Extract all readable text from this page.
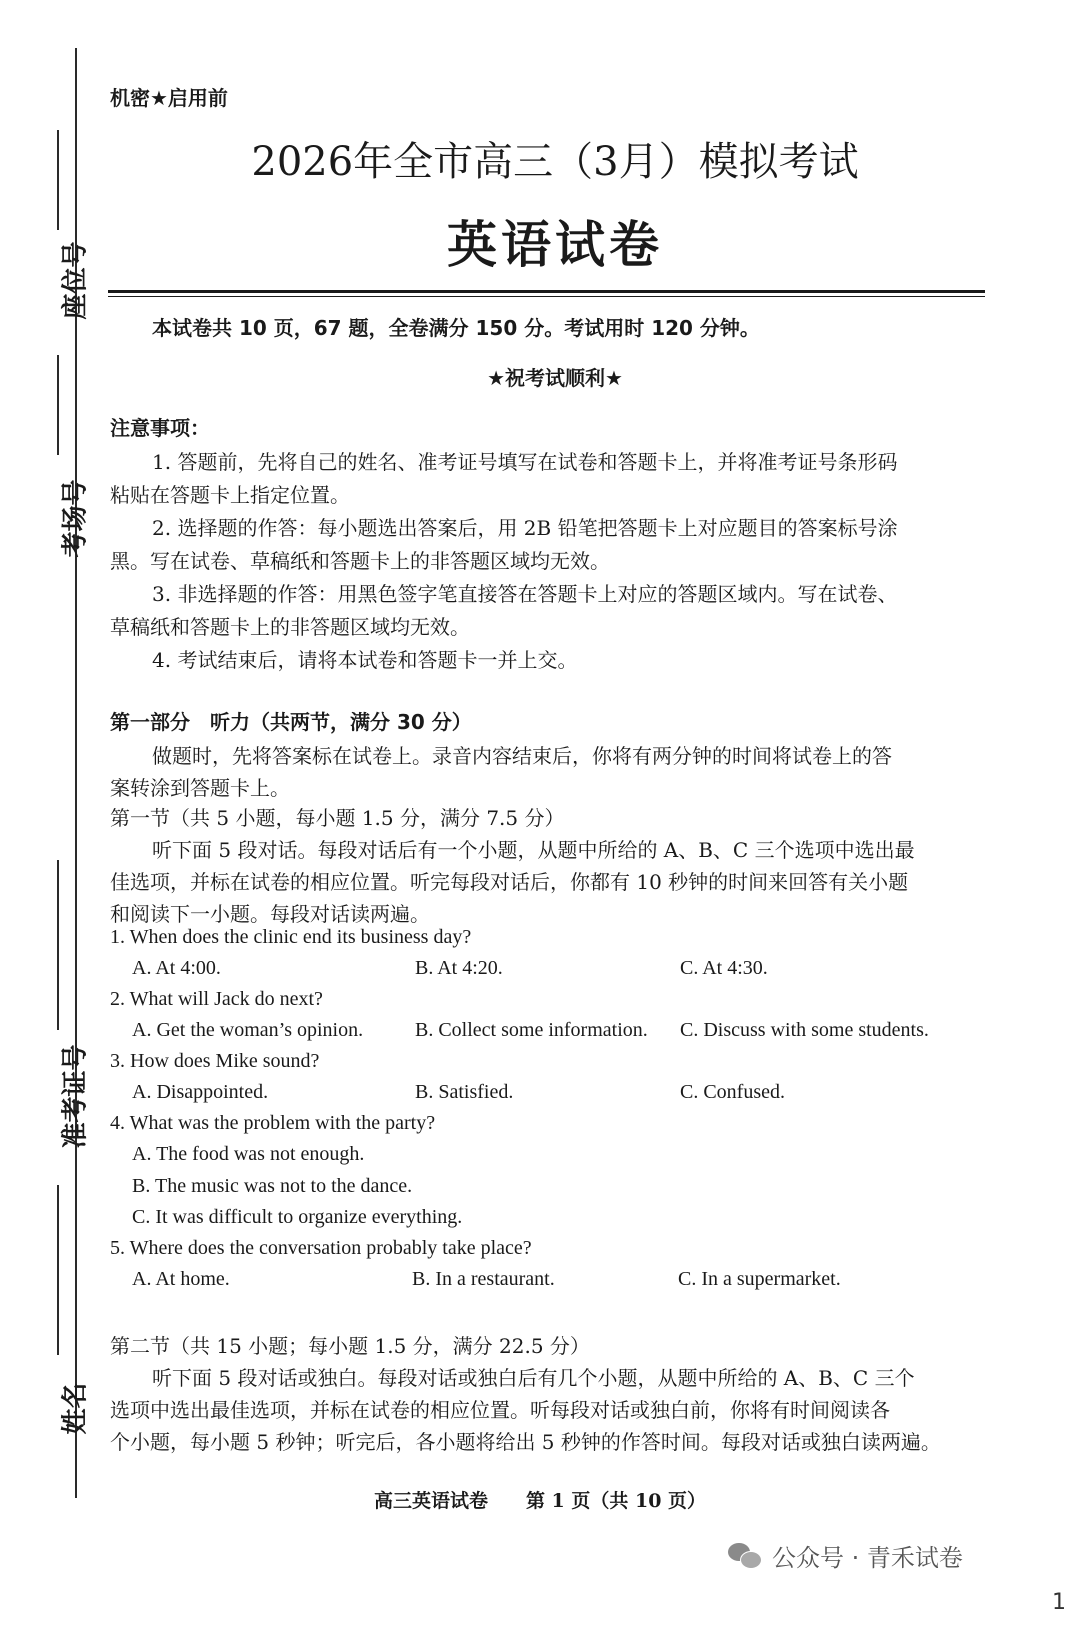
座位号
考场号
准考证号
姓名
机密★启用前
2026年全市高三（3月）模拟考试
英语试卷
本试卷共 10 页，67 题，全卷满分 150 分。考试用时 120 分钟。
★祝考试顺利★
注意事项：
1. 答题前，先将自己的姓名、准考证号填写在试卷和答题卡上，并将准考证号条形码
粘贴在答题卡上指定位置。
2. 选择题的作答：每小题选出答案后，用 2B 铅笔把答题卡上对应题目的答案标号涂
黑。写在试卷、草稿纸和答题卡上的非答题区域均无效。
3. 非选择题的作答：用黑色签字笔直接答在答题卡上对应的答题区域内。写在试卷、
草稿纸和答题卡上的非答题区域均无效。
4. 考试结束后，请将本试卷和答题卡一并上交。
第一部分　听力（共两节，满分 30 分）
做题时，先将答案标在试卷上。录音内容结束后，你将有两分钟的时间将试卷上的答
案转涂到答题卡上。
第一节（共 5 小题，每小题 1.5 分，满分 7.5 分）
听下面 5 段对话。每段对话后有一个小题，从题中所给的 A、B、C 三个选项中选出最
佳选项，并标在试卷的相应位置。听完每段对话后，你都有 10 秒钟的时间来回答有关小题
和阅读下一小题。每段对话读两遍。
1. When does the clinic end its business day?
A. At 4:00.	B. At 4:20.	C. At 4:30.
2. What will Jack do next?
A. Get the woman’s opinion.	B. Collect some information. C. Discuss with some students.
3. How does Mike sound?
A. Disappointed.	B. Satisfied.	C. Confused.
4. What was the problem with the party?
A. The food was not enough.
B. The music was not to the dance.
C. It was difficult to organize everything.
5. Where does the conversation probably take place?
A. At home.	B. In a restaurant.	C. In a supermarket.
第二节（共 15 小题；每小题 1.5 分，满分 22.5 分）
听下面 5 段对话或独白。每段对话或独白后有几个小题，从题中所给的 A、B、C 三个
选项中选出最佳选项，并标在试卷的相应位置。听每段对话或独白前，你将有时间阅读各
个小题，每小题 5 秒钟；听完后，各小题将给出 5 秒钟的作答时间。每段对话或独白读两遍。
高三英语试卷　　第 1 页（共 10 页）
公众号 · 青禾试卷
1
